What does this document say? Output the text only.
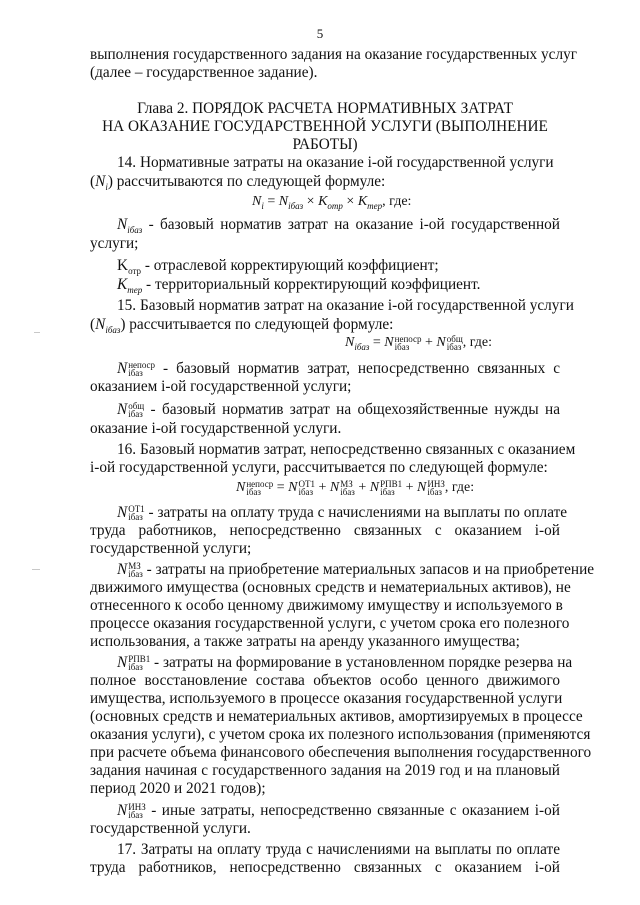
5
выполнения государственного задания на оказание государственных услуг
(далее – государственное задание).
Глава 2. ПОРЯДОК РАСЧЕТА НОРМАТИВНЫХ ЗАТРАТ
НА ОКАЗАНИЕ ГОСУДАРСТВЕННОЙ УСЛУГИ (ВЫПОЛНЕНИЕ
РАБОТЫ)
14. Нормативные затраты на оказание i-ой государственной услуги
$(N_i)$ рассчитываются по следующей формуле:
$N_i = N_{iбаз} \times K_{отр} \times K_{тер}$, где:
$N_{iбаз}$ - базовый норматив затрат на оказание i-ой государственной
услуги;
$K_{отр}$ - отраслевой корректирующий коэффициент;
$K_{тер}$ - территориальный корректирующий коэффициент.
15. Базовый норматив затрат на оказание i-ой государственной услуги
$(N_{iбаз})$ рассчитывается по следующей формуле:
$N_{iбаз} = N$ непоср
iбаз + N общ
iбаз , где:
N непоср
iбаз - базовый норматив затрат, непосредственно связанных с
оказанием i-ой государственной услуги;
N общ
iбаз - базовый норматив затрат на общехозяйственные нужды на
оказание i-ой государственной услуги.
16. Базовый норматив затрат, непосредственно связанных с оказанием
i-ой государственной услуги, рассчитывается по следующей формуле:
N непоср
iбаз = N ОТ1
iбаз + N МЗ
iбаз + N РПВ1
iбаз + N ИНЗ
iбаз , где:
N ОТ1
iбаз - затраты на оплату труда с начислениями на выплаты по оплате
труда работников, непосредственно связанных с оказанием i-ой
государственной услуги;
N МЗ
iбаз - затраты на приобретение материальных запасов и на приобретение
движимого имущества (основных средств и нематериальных активов), не
отнесенного к особо ценному движимому имуществу и используемого в
процессе оказания государственной услуги, с учетом срока его полезного
использования, а также затраты на аренду указанного имущества;
N РПВ1
iбаз - затраты на формирование в установленном порядке резерва на
полное восстановление состава объектов особо ценного движимого
имущества, используемого в процессе оказания государственной услуги
(основных средств и нематериальных активов, амортизируемых в процессе
оказания услуги), с учетом срока их полезного использования (применяются
при расчете объема финансового обеспечения выполнения государственного
задания начиная с государственного задания на 2019 год и на плановый
период 2020 и 2021 годов);
N ИНЗ
iбаз - иные затраты, непосредственно связанные с оказанием i-ой
государственной услуги.
17. Затраты на оплату труда с начислениями на выплаты по оплате
труда работников, непосредственно связанных с оказанием i-ой
